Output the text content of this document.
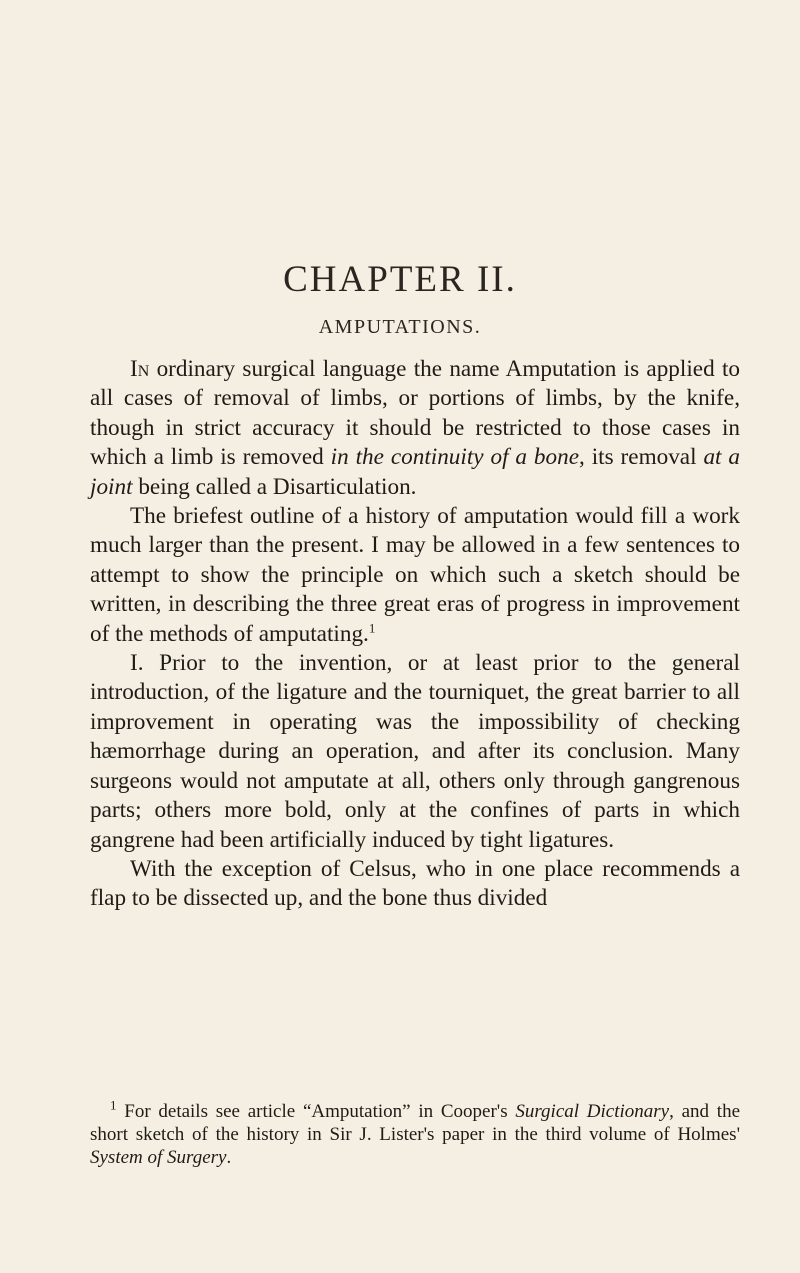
CHAPTER II.
AMPUTATIONS.

In ordinary surgical language the name Amputation is applied to all cases of removal of limbs, or portions of limbs, by the knife, though in strict accuracy it should be restricted to those cases in which a limb is removed in the continuity of a bone, its removal at a joint being called a Disarticulation.

The briefest outline of a history of amputation would fill a work much larger than the present. I may be allowed in a few sentences to attempt to show the principle on which such a sketch should be written, in describing the three great eras of progress in improvement of the methods of amputating.$^1$

I. Prior to the invention, or at least prior to the general introduction, of the ligature and the tourniquet, the great barrier to all improvement in operating was the impossibility of checking hæmorrhage during an operation, and after its conclusion. Many surgeons would not amputate at all, others only through gangrenous parts; others more bold, only at the confines of parts in which gangrene had been artificially induced by tight ligatures.

With the exception of Celsus, who in one place recommends a flap to be dissected up, and the bone thus divided

$^1$ For details see article “Amputation” in Cooper's Surgical Dictionary, and the short sketch of the history in Sir J. Lister's paper in the third volume of Holmes' System of Surgery.
